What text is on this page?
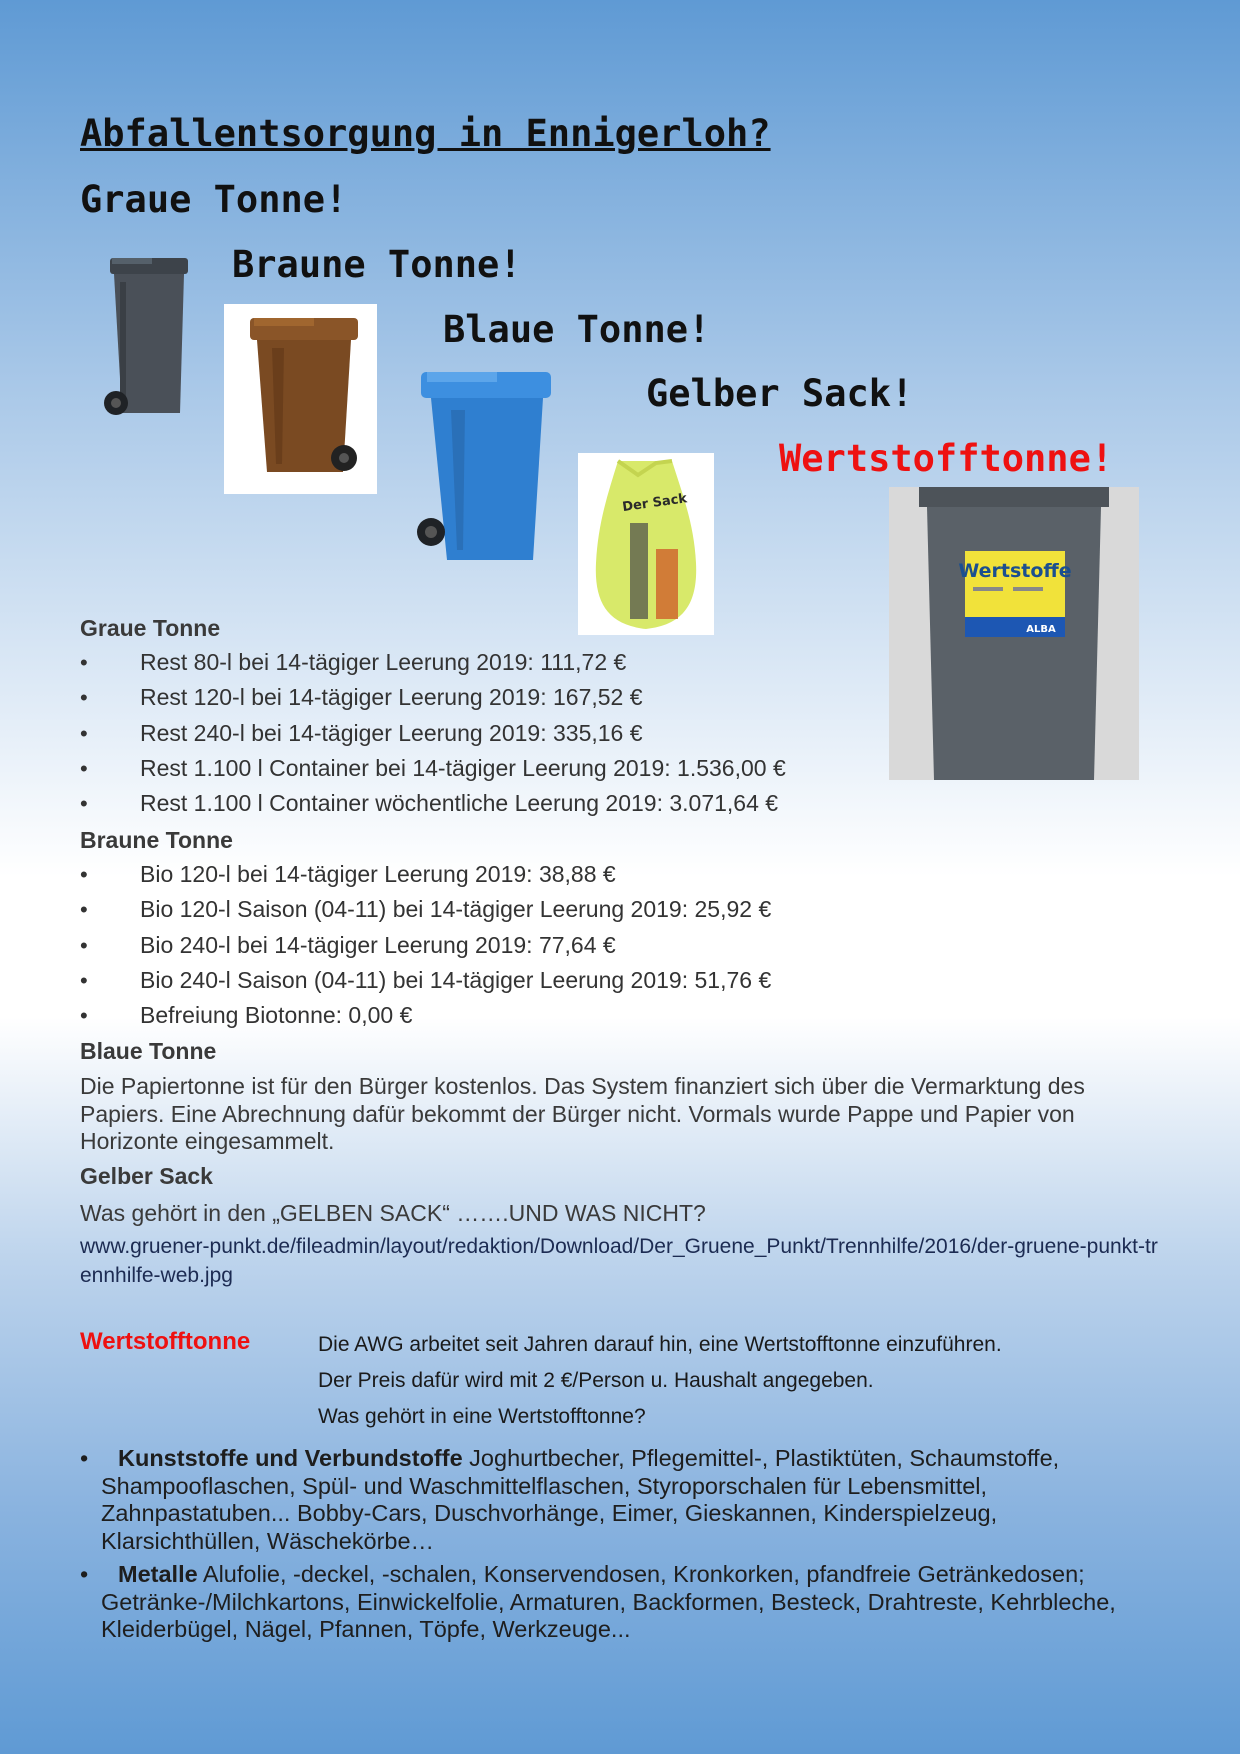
Abfallentsorgung in Ennigerloh?
Graue Tonne!
Braune Tonne!
Blaue Tonne!
Gelber Sack!
Wertstofftonne!
Der Sack
Wertstoffe
ALBA
Graue Tonne
• Rest 80-l bei 14-tägiger Leerung 2019: 111,72 €
• Rest 120-l bei 14-tägiger Leerung 2019: 167,52 €
• Rest 240-l bei 14-tägiger Leerung 2019: 335,16 €
• Rest 1.100 l Container bei 14-tägiger Leerung 2019: 1.536,00 €
• Rest 1.100 l Container wöchentliche Leerung 2019: 3.071,64 €
Braune Tonne
• Bio 120-l bei 14-tägiger Leerung 2019: 38,88 €
• Bio 120-l Saison (04-11) bei 14-tägiger Leerung 2019: 25,92 €
• Bio 240-l bei 14-tägiger Leerung 2019: 77,64 €
• Bio 240-l Saison (04-11) bei 14-tägiger Leerung 2019: 51,76 €
• Befreiung Biotonne: 0,00 €
Blaue Tonne
Die Papiertonne ist für den Bürger kostenlos. Das System finanziert sich über die Vermarktung des Papiers. Eine Abrechnung dafür bekommt der Bürger nicht. Vormals wurde Pappe und Papier von Horizonte eingesammelt.
Gelber Sack
Was gehört in den „GELBEN SACK“ …….UND WAS NICHT?
www.gruener-punkt.de/fileadmin/layout/redaktion/Download/Der_Gruene_Punkt/Trennhilfe/2016/der-gruene-punkt-trennhilfe-web.jpg
Wertstofftonne	Die AWG arbeitet seit Jahren darauf hin, eine Wertstofftonne einzuführen.
Der Preis dafür wird mit 2 €/Person u. Haushalt angegeben.
Was gehört in eine Wertstofftonne?
• Kunststoffe und Verbundstoffe Joghurtbecher, Pflegemittel-, Plastiktüten, Schaumstoffe, Shampooflaschen, Spül- und Waschmittelflaschen, Styroporschalen für Lebensmittel, Zahnpastatuben... Bobby-Cars, Duschvorhänge, Eimer, Gieskannen, Kinderspielzeug, Klarsichthüllen, Wäschekörbe…
• Metalle Alufolie, -deckel, -schalen, Konservendosen, Kronkorken, pfandfreie Getränkedosen; Getränke-/Milchkartons, Einwickelfolie, Armaturen, Backformen, Besteck, Drahtreste, Kehrbleche, Kleiderbügel, Nägel, Pfannen, Töpfe, Werkzeuge...
